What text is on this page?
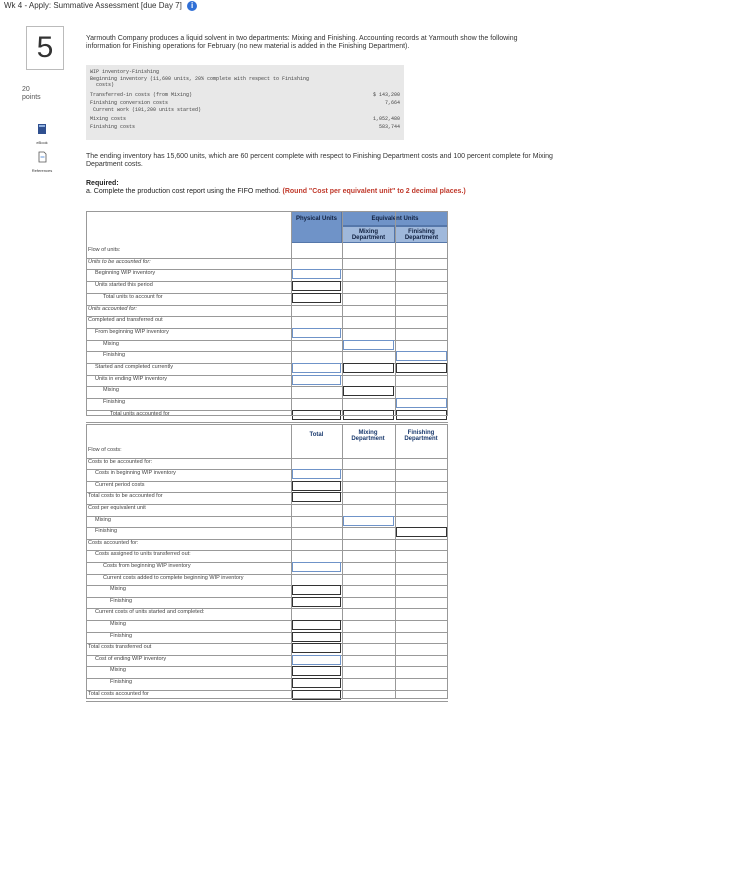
Wk 4 - Apply: Summative Assessment [due Day 7] i
5
20
points
eBook
References
Yarmouth Company produces a liquid solvent in two departments: Mixing and Finishing. Accounting records at Yarmouth show the following information for Finishing operations for February (no new material is added in the Finishing Department).
WIP inventory-Finishing
Beginning inventory (11,600 units, 20% complete with respect to Finishing
costs)
Transferred-in costs (from Mixing)
Finishing conversion costs
Current work (101,200 units started)
Mixing costs
Finishing costs
$ 143,200
7,664
1,052,480
583,744
The ending inventory has 15,600 units, which are 60 percent complete with respect to Finishing Department costs and 100 percent complete for Mixing Department costs.
Required:
a. Complete the production cost report using the FIFO method. (Round "Cost per equivalent unit" to 2 decimal places.)
Physical Units	Equivalent Units
Mixing Department
Finishing Department
Total	Mixing Department
Finishing Department
Flow of units:
Units to be accounted for:
Beginning WIP inventory
Units started this period
Total units to account for
Units accounted for:
Completed and transferred out
From beginning WIP inventory
Mixing
Finishing
Started and completed currently
Units in ending WIP inventory
Mixing
Finishing
Total units accounted for
Flow of costs:
Costs to be accounted for:
Costs in beginning WIP inventory
Current period costs
Total costs to be accounted for
Cost per equivalent unit
Mixing
Finishing
Costs accounted for:
Costs assigned to units transferred out:
Costs from beginning WIP inventory
Current costs added to complete beginning WIP inventory
Mixing
Finishing
Current costs of units started and completed:
Mixing
Finishing
Total costs transferred out
Cost of ending WIP inventory
Mixing
Finishing
Total costs accounted for
